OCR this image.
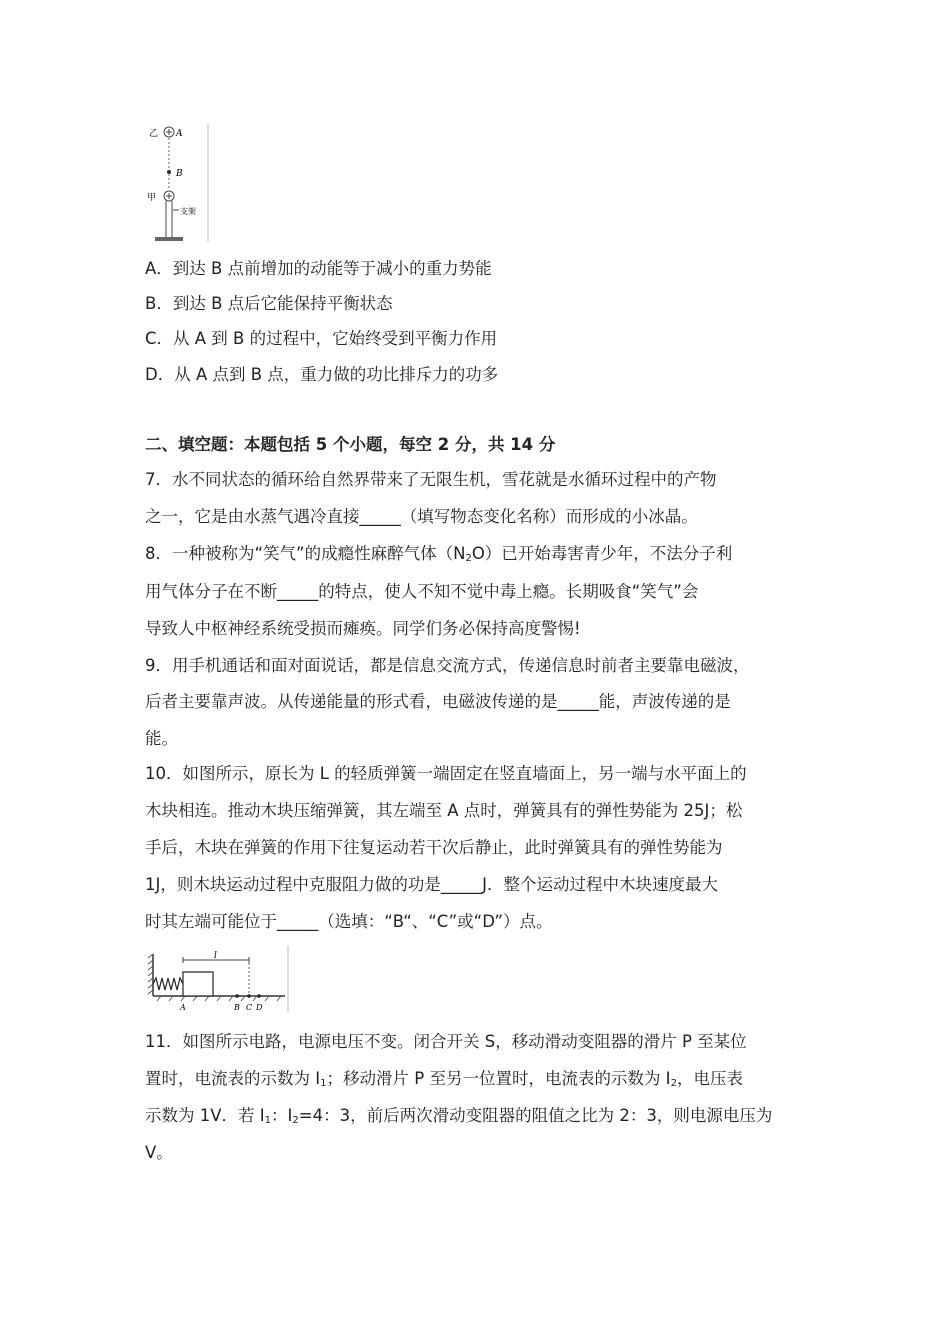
乙 A
B
甲
支架
A．到达 B 点前增加的动能等于减小的重力势能
B．到达 B 点后它能保持平衡状态
C．从 A 到 B 的过程中，它始终受到平衡力作用
D．从 A 点到 B 点，重力做的功比排斥力的功多
二、填空题：本题包括 5 个小题，每空 2 分，共 14 分
7．水不同状态的循环给自然界带来了无限生机，雪花就是水循环过程中的产物
之一，它是由水蒸气遇冷直接_____（填写物态变化名称）而形成的小冰晶。
8．一种被称为“笑气”的成瘾性麻醉气体$(N_2O)$已开始毒害青少年，不法分子利
用气体分子在不断_____的特点，使人不知不觉中毒上瘾。长期吸食“笑气”会
导致人中枢神经系统受损而瘫痪。同学们务必保持高度警惕!
9．用手机通话和面对面说话，都是信息交流方式，传递信息时前者主要靠电磁波，
后者主要靠声波。从传递能量的形式看，电磁波传递的是_____能，声波传递的是
能。
10．如图所示，原长为 L 的轻质弹簧一端固定在竖直墙面上，另一端与水平面上的
木块相连。推动木块压缩弹簧，其左端至 A 点时，弹簧具有的弹性势能为 25J；松
手后，木块在弹簧的作用下往复运动若干次后静止，此时弹簧具有的弹性势能为
1J，则木块运动过程中克服阻力做的功是_____J．整个运动过程中木块速度最大
时其左端可能位于_____（选填：“B“、“C”或“D”）点。
l
A	B C D
11．如图所示电路，电源电压不变。闭合开关 S，移动滑动变阻器的滑片 P 至某位
置时，电流表的示数为 $I_1$；移动滑片 P 至另一位置时，电流表的示数为 $I_2$，电压表
示数为 1V．若 $I_1$：$I_2=4$：3，前后两次滑动变阻器的阻值之比为 2：3，则电源电压为
V。
